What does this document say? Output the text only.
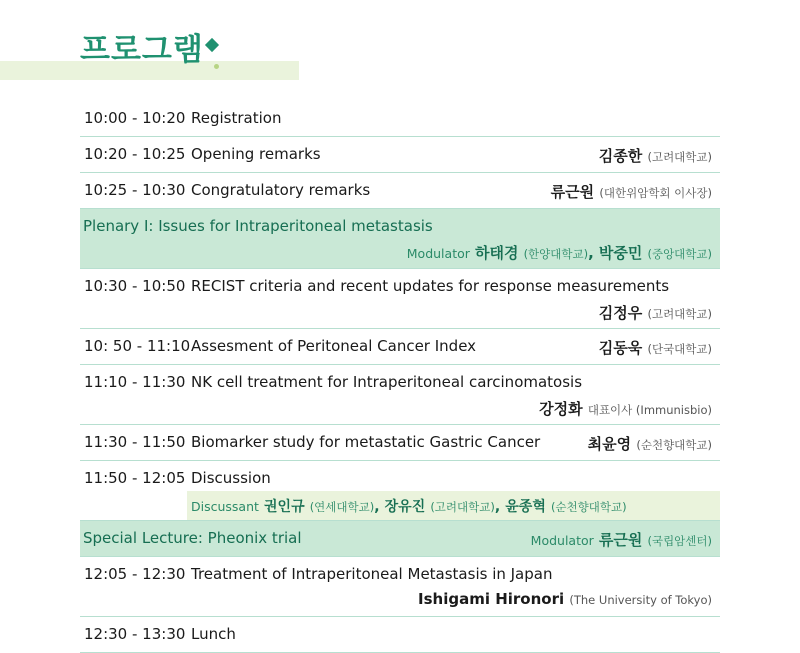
프로그램
10:00 - 10:20 Registration
10:20 - 10:25 Opening remarks	김종한 (고려대학교)
10:25 - 10:30 Congratulatory remarks	류근원 (대한위암학회 이사장)
Plenary I: Issues for Intraperitoneal metastasis
Modulator 하태경 (한양대학교), 박중민 (중앙대학교)
10:30 - 10:50 RECIST criteria and recent updates for response measurements
김정우 (고려대학교)
10: 50 - 11:10 Assesment of Peritoneal Cancer Index	김동욱 (단국대학교)
11:10 - 11:30 NK cell treatment for Intraperitoneal carcinomatosis
강정화 대표이사 (Immunisbio)
11:30 - 11:50 Biomarker study for metastatic Gastric Cancer	최윤영 (순천향대학교)
11:50 - 12:05 Discussion
Discussant 권인규 (연세대학교), 장유진 (고려대학교), 윤종혁 (순천향대학교)
Special Lecture: Pheonix trial	Modulator 류근원 (국립암센터)
12:05 - 12:30 Treatment of Intraperitoneal Metastasis in Japan
Ishigami Hironori (The University of Tokyo)
12:30 - 13:30 Lunch
